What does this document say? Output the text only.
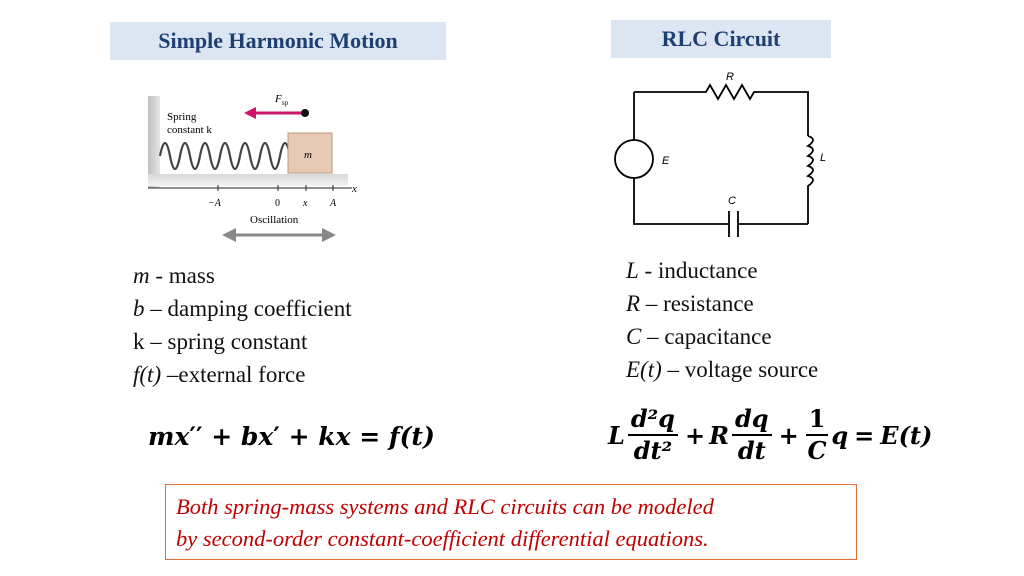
Simple Harmonic Motion	RLC Circuit
m
F sp
Spring
constant k
x
−A	0 x A
Oscillation
R
E	L
C
m - mass
b – damping coefficient
k – spring constant
f(t) –external force
L - inductance
R – resistance
C – capacitance
E(t) – voltage source
mx′′ + bx′ + kx = f(t)	L $\frac{\text{d²q}}{\text{dt²}} + R \frac{dq}{dt} + \frac{1}{C}$ q = E(t)
Both spring-mass systems and RLC circuits can be modeled
by second-order constant-coefficient differential equations.
